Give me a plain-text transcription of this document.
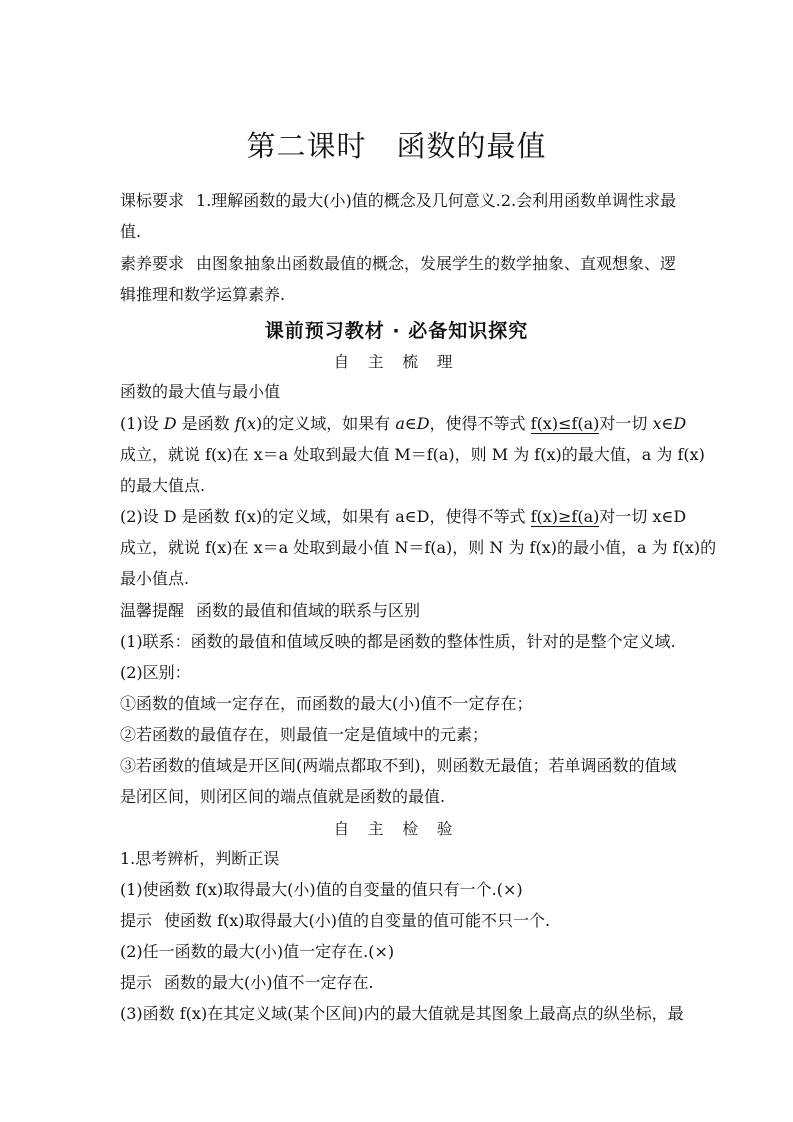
第二课时　函数的最值
课标要求 1.理解函数的最大(小)值的概念及几何意义.2.会利用函数单调性求最
值.
素养要求 由图象抽象出函数最值的概念，发展学生的数学抽象、直观想象、逻
辑推理和数学运算素养.
课前预习教材 · 必备知识探究
自 主 梳 理
函数的最大值与最小值
(1)设 D 是函数 f(x)的定义域，如果有 a∈D，使得不等式 f(x)≤f(a)对一切 x∈D
成立，就说 f(x)在 x＝a 处取到最大值 M＝f(a)，则 M 为 f(x)的最大值，a 为 f(x)
的最大值点.
(2)设 D 是函数 f(x)的定义域，如果有 a∈D，使得不等式 f(x)≥f(a)对一切 x∈D
成立，就说 f(x)在 x＝a 处取到最小值 N＝f(a)，则 N 为 f(x)的最小值，a 为 f(x)的
最小值点.
温馨提醒 函数的最值和值域的联系与区别
(1)联系：函数的最值和值域反映的都是函数的整体性质，针对的是整个定义域.
(2)区别：
①函数的值域一定存在，而函数的最大(小)值不一定存在；
②若函数的最值存在，则最值一定是值域中的元素；
③若函数的值域是开区间(两端点都取不到)，则函数无最值；若单调函数的值域
是闭区间，则闭区间的端点值就是函数的最值.
自 主 检 验
1.思考辨析，判断正误
(1)使函数 f(x)取得最大(小)值的自变量的值只有一个.(×)
提示 使函数 f(x)取得最大(小)值的自变量的值可能不只一个.
(2)任一函数的最大(小)值一定存在.(×)
提示 函数的最大(小)值不一定存在.
(3)函数 f(x)在其定义域(某个区间)内的最大值就是其图象上最高点的纵坐标，最
